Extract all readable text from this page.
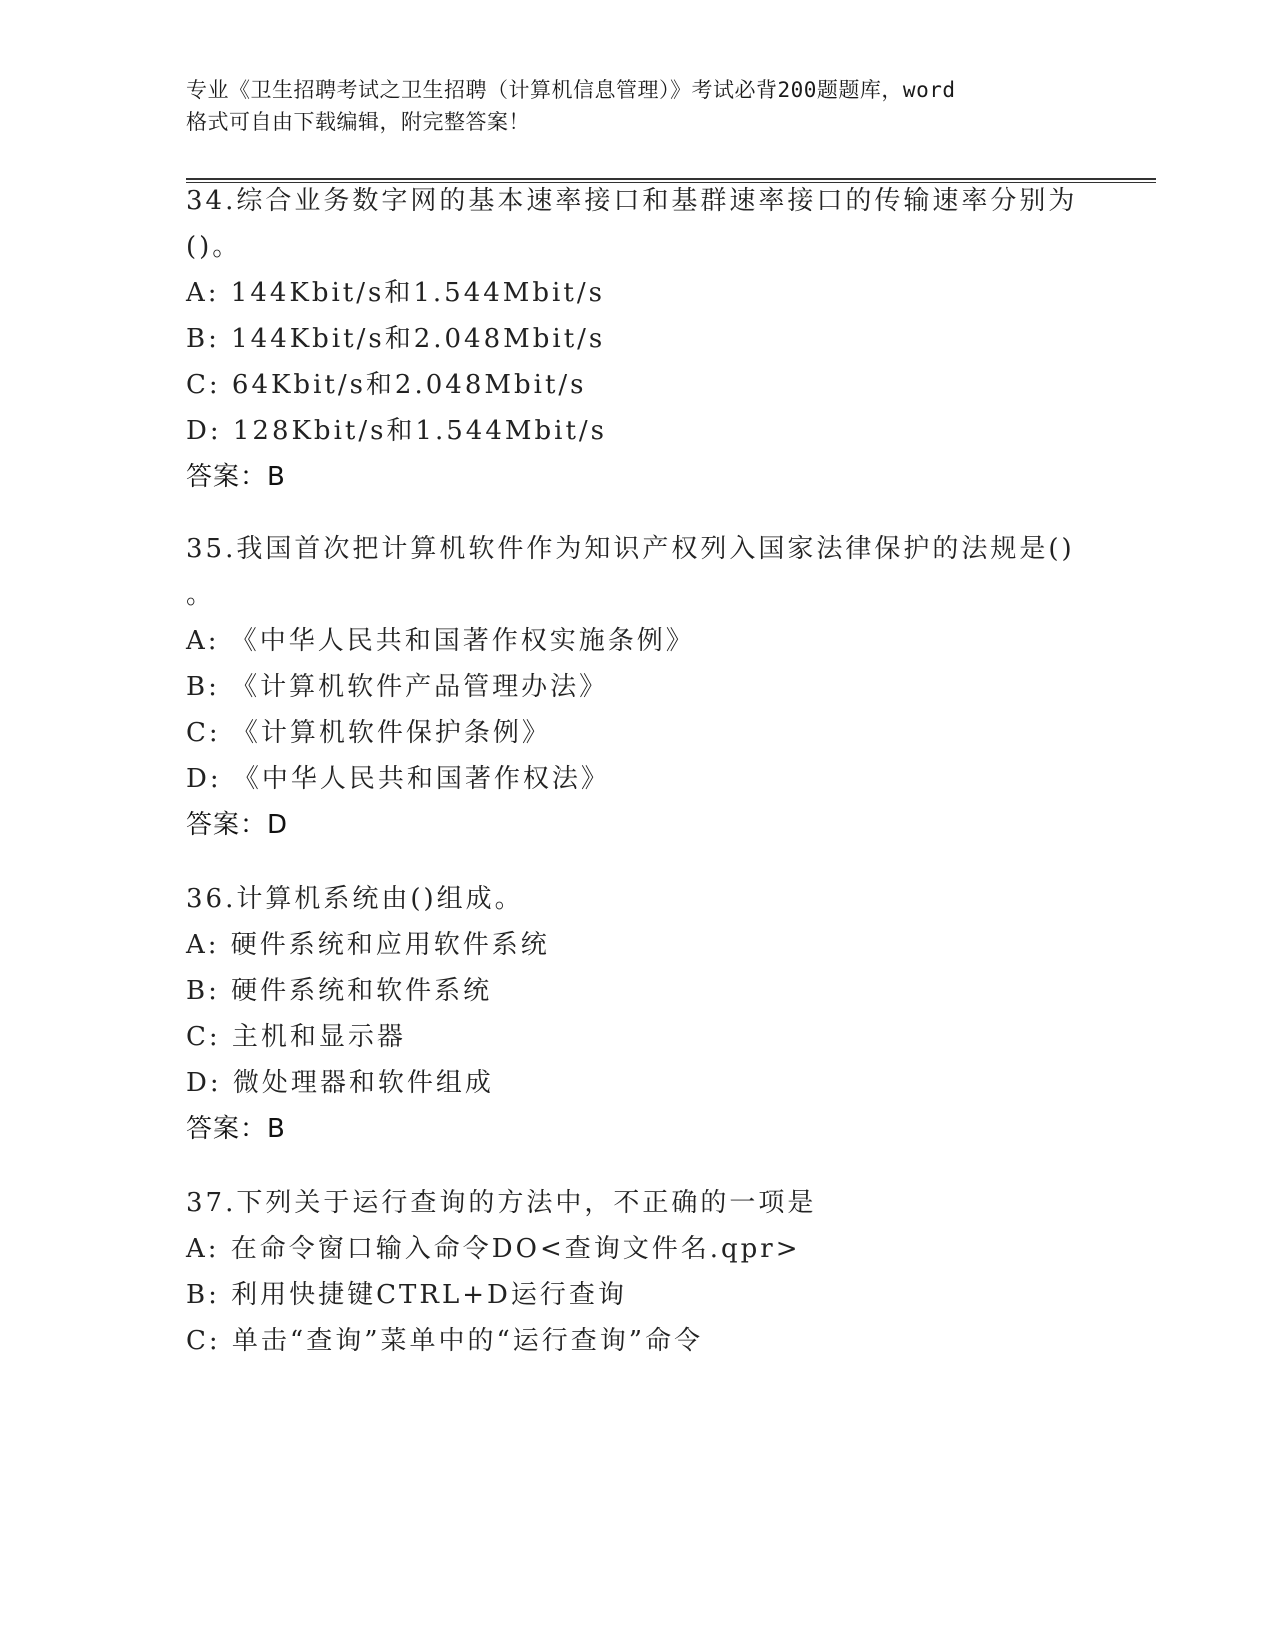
专业《卫生招聘考试之卫生招聘（计算机信息管理）》考试必背200题题库，word
格式可自由下载编辑，附完整答案！
34.综合业务数字网的基本速率接口和基群速率接口的传输速率分别为
()。
A: 144Kbit/s和1.544Mbit/s
B: 144Kbit/s和2.048Mbit/s
C: 64Kbit/s和2.048Mbit/s
D: 128Kbit/s和1.544Mbit/s
答案：B
35.我国首次把计算机软件作为知识产权列入国家法律保护的法规是()
。
A: 《中华人民共和国著作权实施条例》
B: 《计算机软件产品管理办法》
C: 《计算机软件保护条例》
D: 《中华人民共和国著作权法》
答案：D
36.计算机系统由()组成。
A: 硬件系统和应用软件系统
B: 硬件系统和软件系统
C: 主机和显示器
D: 微处理器和软件组成
答案：B
37.下列关于运行查询的方法中，不正确的一项是
A: 在命令窗口输入命令DO<查询文件名.qpr>
B: 利用快捷键CTRL+D运行查询
C: 单击“查询”菜单中的“运行查询”命令
